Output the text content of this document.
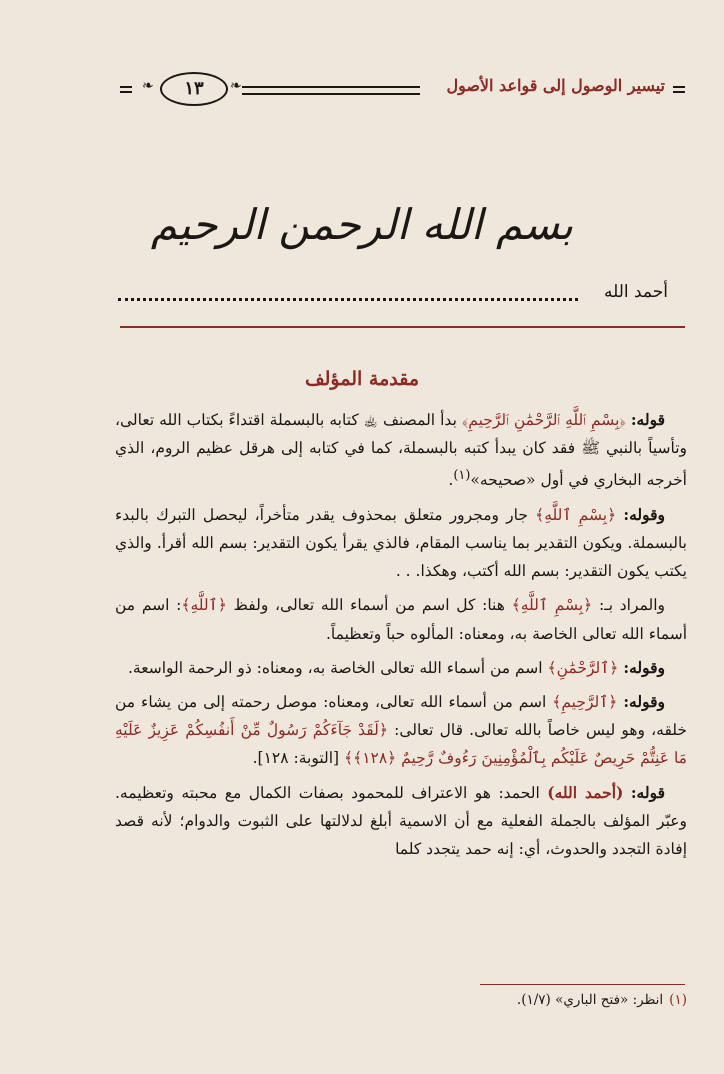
تيسير الوصول إلى قواعد الأصول
❧
١٣
❧
بسم الله الرحمن الرحيم
أحمد الله
مقدمة المؤلف

قوله: ﴿بِسْمِ ٱللَّهِ ٱلرَّحْمَٰنِ ٱلرَّحِيمِ﴾ بدأ المصنف ﵀ كتابه بالبسملة اقتداءً بكتاب الله تعالى، وتأسياً بالنبي ﷺ فقد كان يبدأ كتبه بالبسملة، كما في كتابه إلى هرقل عظيم الروم، الذي أخرجه البخاري في أول «صحيحه»$^{(١)}$.

وقوله: ﴿بِسْمِ ٱللَّهِ﴾ جار ومجرور متعلق بمحذوف يقدر متأخراً، ليحصل التبرك بالبدء بالبسملة. ويكون التقدير بما يناسب المقام، فالذي يقرأ يكون التقدير: بسم الله أقرأ. والذي يكتب يكون التقدير: بسم الله أكتب، وهكذا. . .

والمراد بـ: ﴿بِسْمِ ٱللَّهِ﴾ هنا: كل اسم من أسماء الله تعالى، ولفظ ﴿ٱللَّهِ﴾: اسم من أسماء الله تعالى الخاصة به، ومعناه: المألوه حباً وتعظيماً.

وقوله: ﴿ٱلرَّحْمَٰنِ﴾ اسم من أسماء الله تعالى الخاصة به، ومعناه: ذو الرحمة الواسعة.

وقوله: ﴿ٱلرَّحِيمِ﴾ اسم من أسماء الله تعالى، ومعناه: موصل رحمته إلى من يشاء من خلقه، وهو ليس خاصاً بالله تعالى. قال تعالى: ﴿لَقَدْ جَآءَكُمْ رَسُولٌ مِّنْ أَنفُسِكُمْ عَزِيزٌ عَلَيْهِ مَا عَنِتُّمْ حَرِيصٌ عَلَيْكُم بِٱلْمُؤْمِنِينَ رَءُوفٌ رَّحِيمٌ ﴿١٢٨﴾﴾ [التوبة: ١٢٨].

قوله: (أحمد الله) الحمد: هو الاعتراف للمحمود بصفات الكمال مع محبته وتعظيمه. وعبّر المؤلف بالجملة الفعلية مع أن الاسمية أبلغ لدلالتها على الثبوت والدوام؛ لأنه قصد إفادة التجدد والحدوث، أي: إنه حمد يتجدد كلما

(١)انظر: «فتح الباري» (١/٧).
